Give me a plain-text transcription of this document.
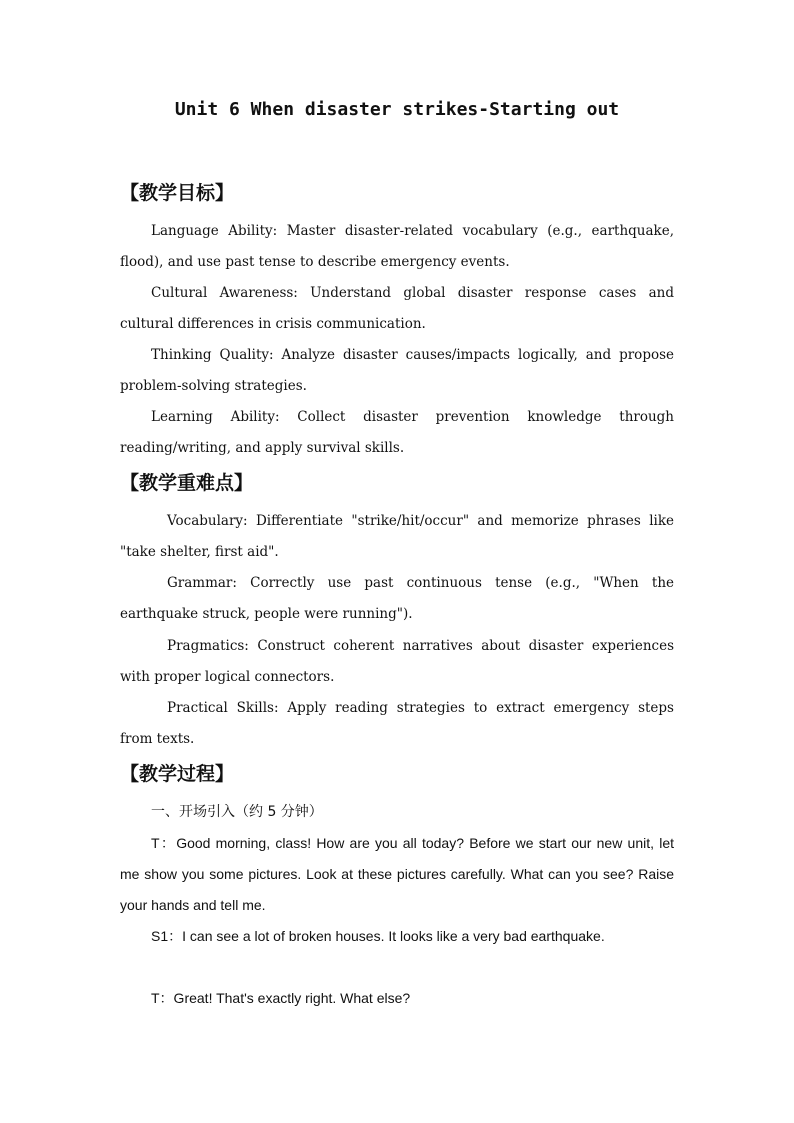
Unit 6 When disaster strikes-Starting out
【教学目标】
Language Ability: Master disaster-related vocabulary (e.g., earthquake, flood), and use past tense to describe emergency events.
Cultural Awareness: Understand global disaster response cases and cultural differences in crisis communication.
Thinking Quality: Analyze disaster causes/impacts logically, and propose problem-solving strategies.
Learning Ability: Collect disaster prevention knowledge through reading/writing, and apply survival skills.
【教学重难点】
Vocabulary: Differentiate "strike/hit/occur" and memorize phrases like "take shelter, first aid".
Grammar: Correctly use past continuous tense (e.g., "When the earthquake struck, people were running").
Pragmatics: Construct coherent narratives about disaster experiences with proper logical connectors.
Practical Skills: Apply reading strategies to extract emergency steps from texts.
【教学过程】
一、开场引入（约 5 分钟）
T：Good morning, class! How are you all today? Before we start our new unit, let me show you some pictures. Look at these pictures carefully. What can you see? Raise your hands and tell me.
S1：I can see a lot of broken houses. It looks like a very bad earthquake.
T：Great! That's exactly right. What else?
